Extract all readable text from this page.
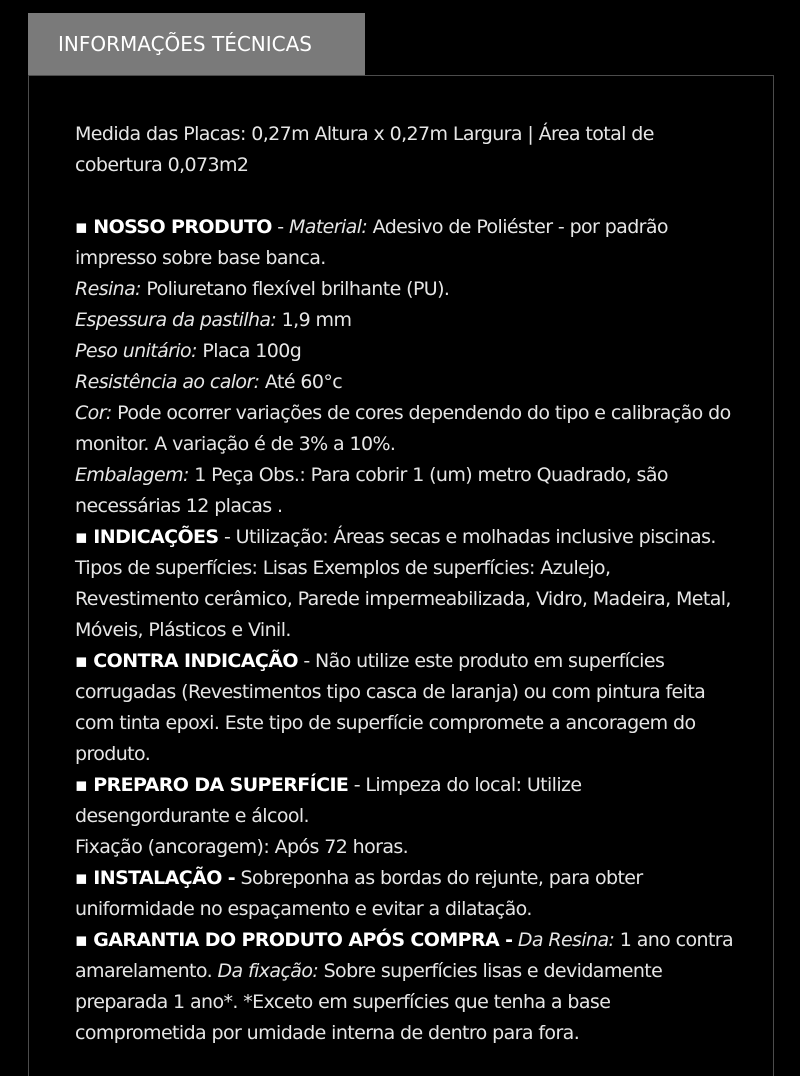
INFORMAÇÕES TÉCNICAS

Medida das Placas: 0,27m Altura x 0,27m Largura | Área total de cobertura 0,073m2

▪ NOSSO PRODUTO - Material: Adesivo de Poliéster - por padrão impresso sobre base banca.

Resina: Poliuretano flexível brilhante (PU).

Espessura da pastilha: 1,9 mm

Peso unitário: Placa 100g

Resistência ao calor: Até 60°c

Cor: Pode ocorrer variações de cores dependendo do tipo e calibração do monitor. A variação é de 3% a 10%.

Embalagem: 1 Peça Obs.: Para cobrir 1 (um) metro Quadrado, são necessárias 12 placas .

▪ INDICAÇÕES - Utilização: Áreas secas e molhadas inclusive piscinas. Tipos de superfícies: Lisas Exemplos de superfícies: Azulejo, Revestimento cerâmico, Parede impermeabilizada, Vidro, Madeira, Metal, Móveis, Plásticos e Vinil.

▪ CONTRA INDICAÇÃO - Não utilize este produto em superfícies corrugadas (Revestimentos tipo casca de laranja) ou com pintura feita com tinta epoxi. Este tipo de superfície compromete a ancoragem do produto.

▪ PREPARO DA SUPERFÍCIE - Limpeza do local: Utilize desengordurante e álcool.

Fixação (ancoragem): Após 72 horas.

▪ INSTALAÇÃO - Sobreponha as bordas do rejunte, para obter uniformidade no espaçamento e evitar a dilatação.

▪ GARANTIA DO PRODUTO APÓS COMPRA - Da Resina: 1 ano contra amarelamento. Da fixação: Sobre superfícies lisas e devidamente preparada 1 ano*. *Exceto em superfícies que tenha a base comprometida por umidade interna de dentro para fora.
